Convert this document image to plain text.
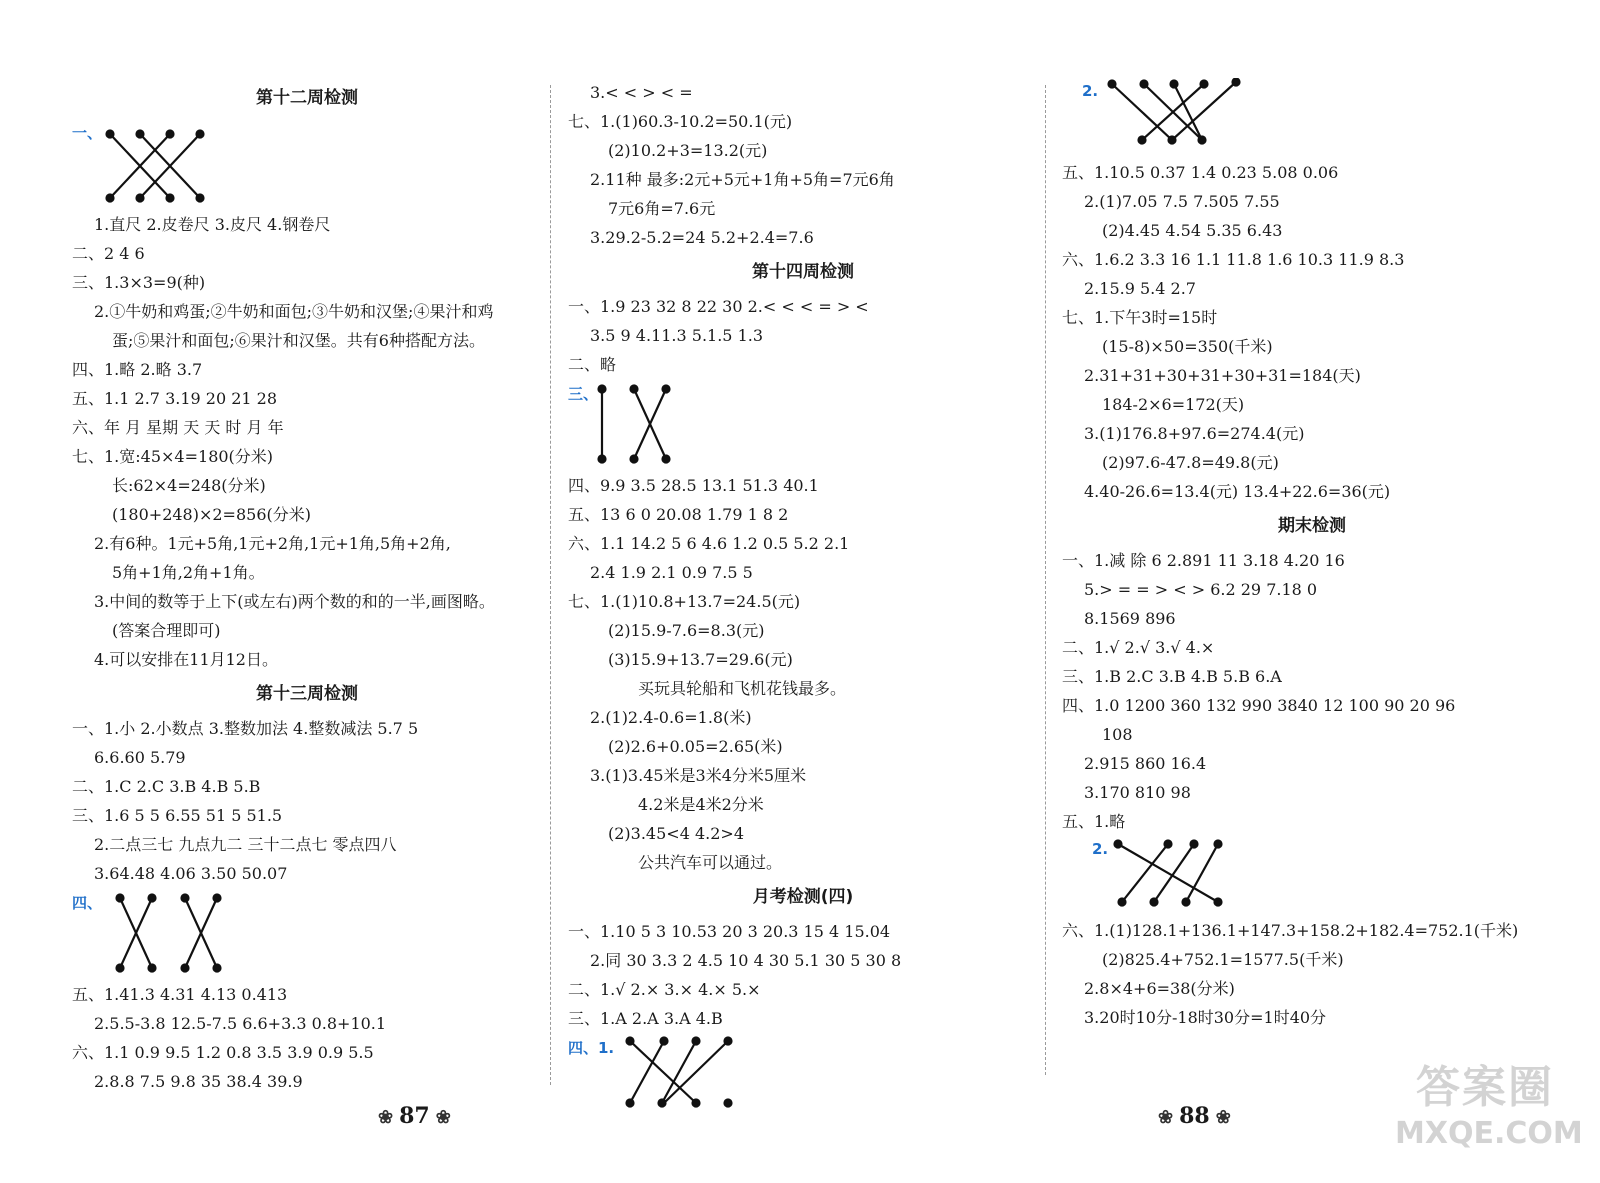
第十二周检测
一、
1.直尺 2.皮卷尺 3.皮尺 4.钢卷尺
二、2 4 6
三、1.3×3=9(种)
2.①牛奶和鸡蛋;②牛奶和面包;③牛奶和汉堡;④果汁和鸡
蛋;⑤果汁和面包;⑥果汁和汉堡。共有6种搭配方法。
四、1.略 2.略 3.7
五、1.1 2.7 3.19 20 21 28
六、年 月 星期 天 天 时 月 年
七、1.宽:45×4=180(分米)
长:62×4=248(分米)
(180+248)×2=856(分米)
2.有6种。1元+5角,1元+2角,1元+1角,5角+2角,
5角+1角,2角+1角。
3.中间的数等于上下(或左右)两个数的和的一半,画图略。
(答案合理即可)
4.可以安排在11月12日。
第十三周检测
一、1.小 2.小数点 3.整数加法 4.整数减法 5.7 5
6.6.60 5.79
二、1.C 2.C 3.B 4.B 5.B
三、1.6 5 5 6.55 51 5 51.5
2.二点三七 九点九二 三十二点七 零点四八
3.64.48 4.06 3.50 50.07
四、
五、1.41.3 4.31 4.13 0.413
2.5.5-3.8 12.5-7.5 6.6+3.3 0.8+10.1
六、1.1 0.9 9.5 1.2 0.8 3.5 3.9 0.9 5.5
2.8.8 7.5 9.8 35 38.4 39.9
❀ 87 ❀
3.< < > < =
七、1.(1)60.3-10.2=50.1(元)
(2)10.2+3=13.2(元)
2.11种 最多:2元+5元+1角+5角=7元6角
7元6角=7.6元
3.29.2-5.2=24 5.2+2.4=7.6
第十四周检测
一、1.9 23 32 8 22 30 2.< < < = > <
3.5 9 4.11.3 5.1.5 1.3
二、略
三、
四、9.9 3.5 28.5 13.1 51.3 40.1
五、13 6 0 20.08 1.79 1 8 2
六、1.1 14.2 5 6 4.6 1.2 0.5 5.2 2.1
2.4 1.9 2.1 0.9 7.5 5
七、1.(1)10.8+13.7=24.5(元)
(2)15.9-7.6=8.3(元)
(3)15.9+13.7=29.6(元)
买玩具轮船和飞机花钱最多。
2.(1)2.4-0.6=1.8(米)
(2)2.6+0.05=2.65(米)
3.(1)3.45米是3米4分米5厘米
4.2米是4米2分米
(2)3.45<4 4.2>4
公共汽车可以通过。
月考检测(四)
一、1.10 5 3 10.53 20 3 20.3 15 4 15.04
2.同 30 3.3 2 4.5 10 4 30 5.1 30 5 30 8
二、1.√ 2.× 3.× 4.× 5.×
三、1.A 2.A 3.A 4.B
四、1.
2.
五、1.10.5 0.37 1.4 0.23 5.08 0.06
2.(1)7.05 7.5 7.505 7.55
(2)4.45 4.54 5.35 6.43
六、1.6.2 3.3 16 1.1 11.8 1.6 10.3 11.9 8.3
2.15.9 5.4 2.7
七、1.下午3时=15时
(15-8)×50=350(千米)
2.31+31+30+31+30+31=184(天)
184-2×6=172(天)
3.(1)176.8+97.6=274.4(元)
(2)97.6-47.8=49.8(元)
4.40-26.6=13.4(元) 13.4+22.6=36(元)
期末检测
一、1.减 除 6 2.891 11 3.18 4.20 16
5.> = = > < > 6.2 29 7.18 0
8.1569 896
二、1.√ 2.√ 3.√ 4.×
三、1.B 2.C 3.B 4.B 5.B 6.A
四、1.0 1200 360 132 990 3840 12 100 90 20 96
108
2.915 860 16.4
3.170 810 98
五、1.略
2.
六、1.(1)128.1+136.1+147.3+158.2+182.4=752.1(千米)
(2)825.4+752.1=1577.5(千米)
2.8×4+6=38(分米)
3.20时10分-18时30分=1时40分
❀ 88 ❀
答案圈
MXQE.COM
